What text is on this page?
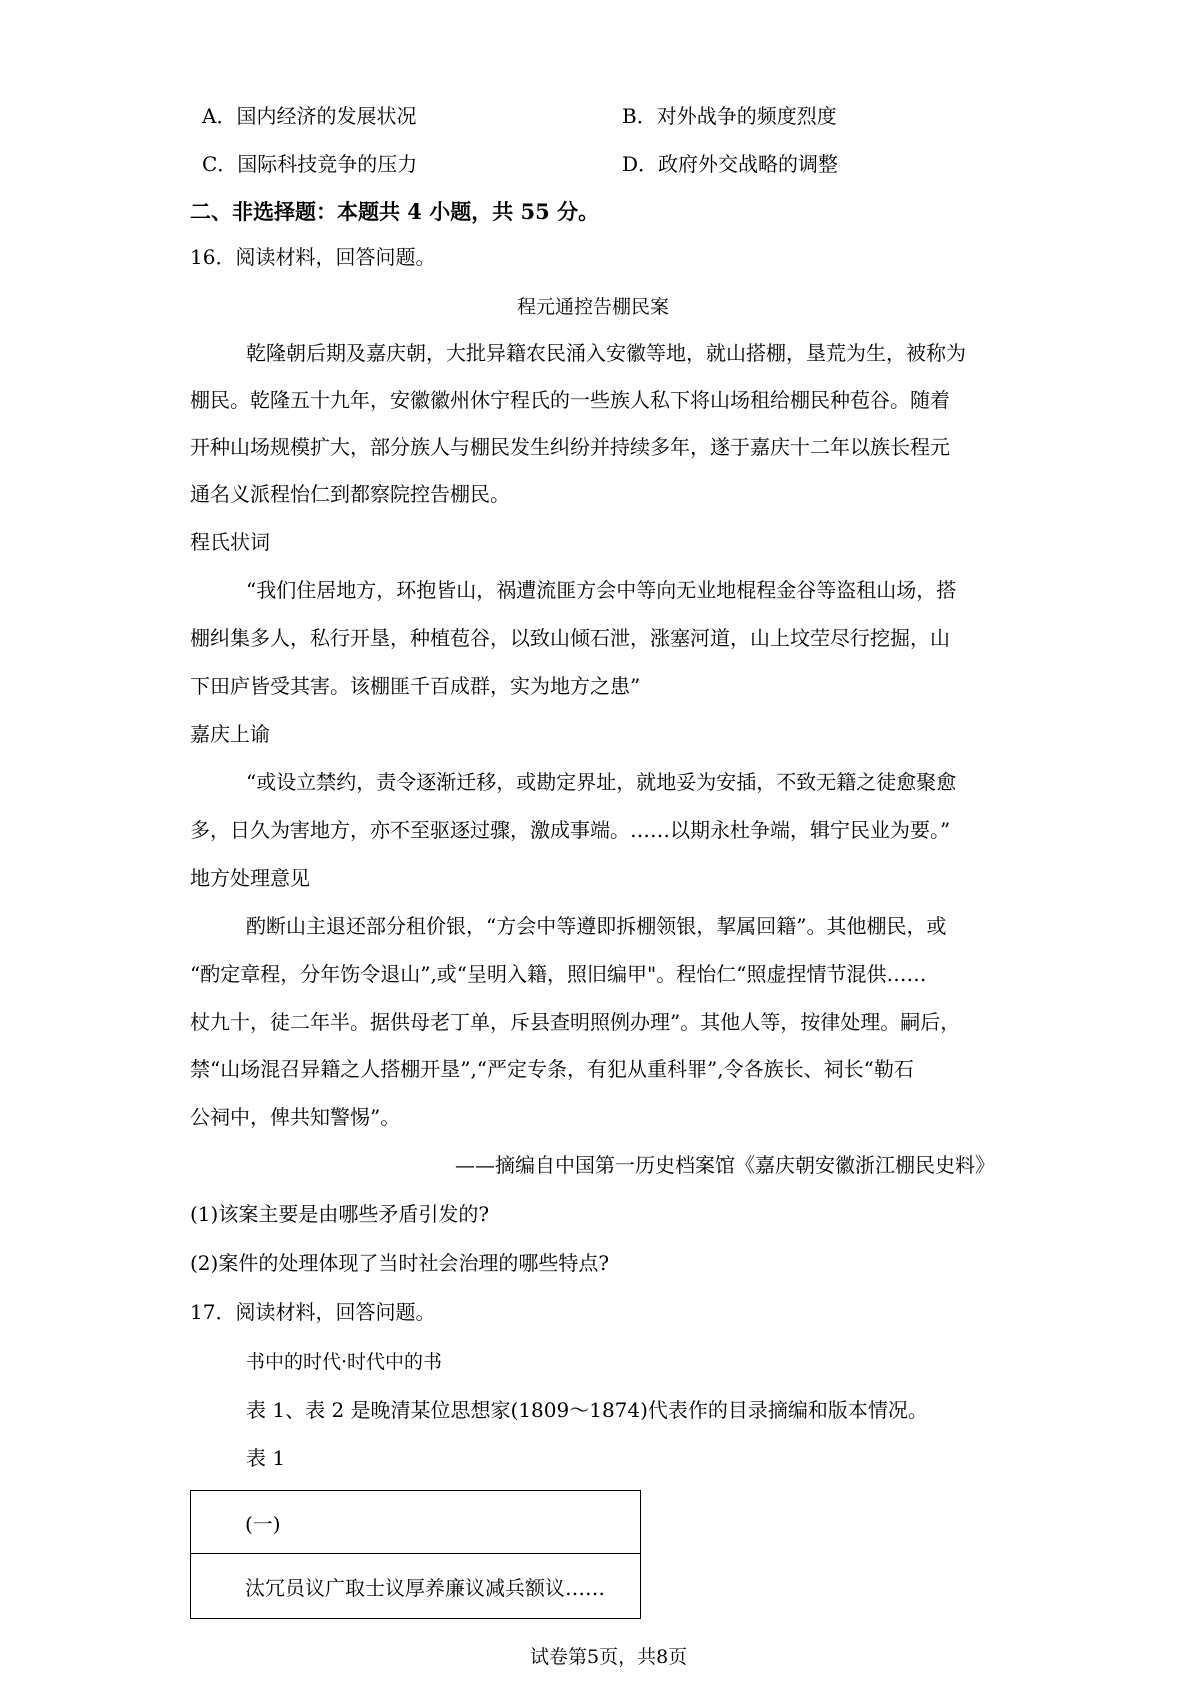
A．国内经济的发展状况	B．对外战争的频度烈度
C．国际科技竞争的压力	D．政府外交战略的调整
二、非选择题：本题共 4 小题，共 55 分。
16．阅读材料，回答问题。
程元通控告棚民案
乾隆朝后期及嘉庆朝，大批异籍农民涌入安徽等地，就山搭棚，垦荒为生，被称为
棚民。乾隆五十九年，安徽徽州休宁程氏的一些族人私下将山场租给棚民种苞谷。随着
开种山场规模扩大，部分族人与棚民发生纠纷并持续多年，遂于嘉庆十二年以族长程元
通名义派程怡仁到都察院控告棚民。
程氏状词
“我们住居地方，环抱皆山，祸遭流匪方会中等向无业地棍程金谷等盗租山场，搭
棚纠集多人，私行开垦，种植苞谷，以致山倾石泄，涨塞河道，山上坟茔尽行挖掘，山
下田庐皆受其害。该棚匪千百成群，实为地方之患”
嘉庆上谕
“或设立禁约，责令逐渐迁移，或勘定界址，就地妥为安插，不致无籍之徒愈聚愈
多，日久为害地方，亦不至驱逐过骤，激成事端。……以期永杜争端，辑宁民业为要。”
地方处理意见
酌断山主退还部分租价银，“方会中等遵即拆棚领银，挈属回籍”。其他棚民，或
“酌定章程，分年饬令退山”,或“呈明入籍，照旧编甲"。程怡仁“照虚捏情节混供……
杖九十，徒二年半。据供母老丁单，斥县查明照例办理”。其他人等，按律处理。嗣后，
禁“山场混召异籍之人搭棚开垦”,“严定专条，有犯从重科罪”,令各族长、祠长“勒石
公祠中，俾共知警惕”。
——摘编自中国第一历史档案馆《嘉庆朝安徽浙江棚民史料》
(1)该案主要是由哪些矛盾引发的?
(2)案件的处理体现了当时社会治理的哪些特点?
17．阅读材料，回答问题。
书中的时代·时代中的书
表 1、表 2 是晚清某位思想家(1809～1874)代表作的目录摘编和版本情况。
表 1
(一)
汰冗员议广取士议厚养廉议减兵额议……
试卷第5页，共8页
